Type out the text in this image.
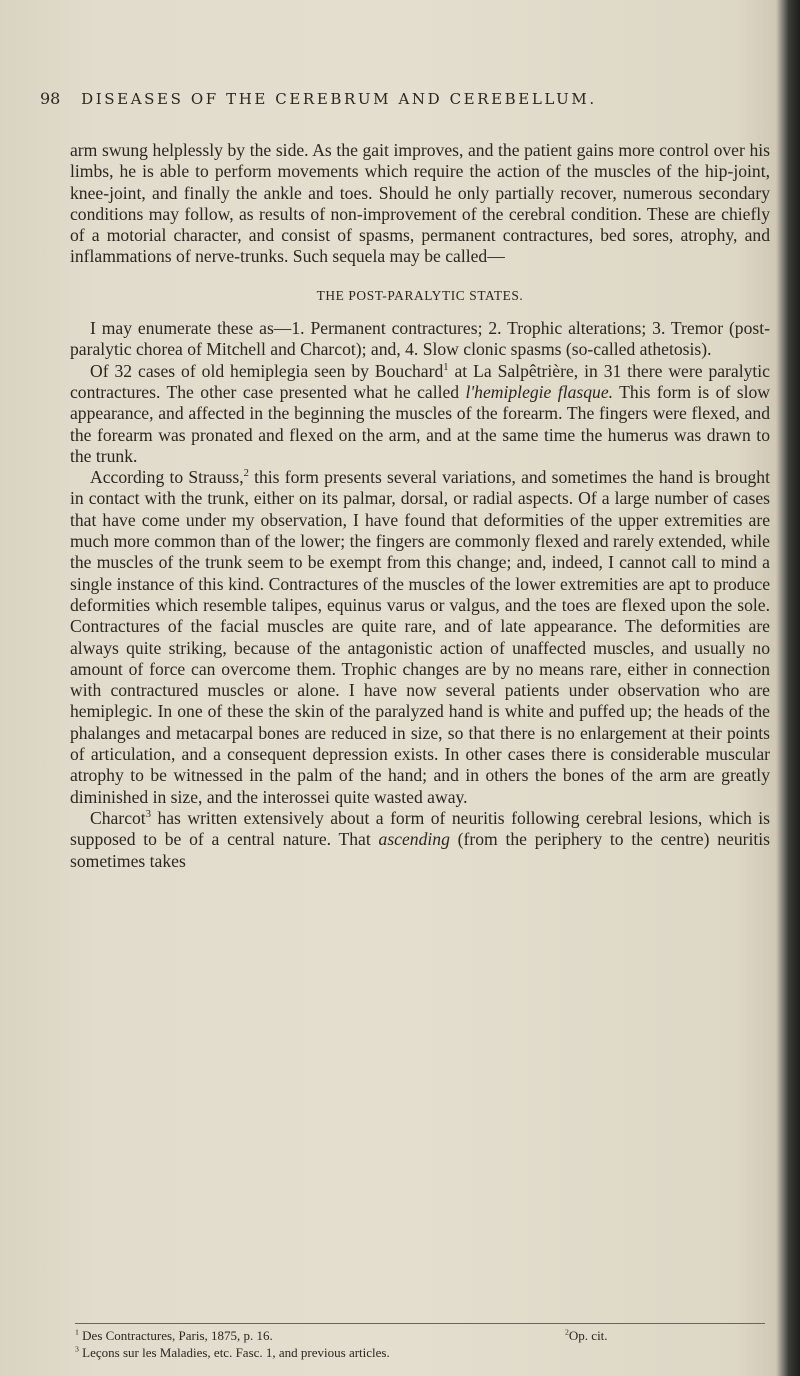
98 DISEASES OF THE CEREBRUM AND CEREBELLUM.

arm swung helplessly by the side. As the gait improves, and the patient gains more control over his limbs, he is able to perform movements which require the action of the muscles of the hip-joint, knee-joint, and finally the ankle and toes. Should he only partially recover, numerous secondary conditions may follow, as results of non-improvement of the cerebral condition. These are chiefly of a motorial character, and consist of spasms, permanent contractures, bed sores, atrophy, and inflammations of nerve-trunks. Such sequela may be called—

THE POST-PARALYTIC STATES.

I may enumerate these as—1. Permanent contractures; 2. Trophic alterations; 3. Tremor (post-paralytic chorea of Mitchell and Charcot); and, 4. Slow clonic spasms (so-called athetosis).

Of 32 cases of old hemiplegia seen by Bouchard$^1$ at La Salpêtrière, in 31 there were paralytic contractures. The other case presented what he called l'hemiplegie flasque. This form is of slow appearance, and affected in the beginning the muscles of the forearm. The fingers were flexed, and the forearm was pronated and flexed on the arm, and at the same time the humerus was drawn to the trunk.

According to Strauss,$^2$ this form presents several variations, and sometimes the hand is brought in contact with the trunk, either on its palmar, dorsal, or radial aspects. Of a large number of cases that have come under my observation, I have found that deformities of the upper extremities are much more common than of the lower; the fingers are commonly flexed and rarely extended, while the muscles of the trunk seem to be exempt from this change; and, indeed, I cannot call to mind a single instance of this kind. Contractures of the muscles of the lower extremities are apt to produce deformities which resemble talipes, equinus varus or valgus, and the toes are flexed upon the sole. Contractures of the facial muscles are quite rare, and of late appearance. The deformities are always quite striking, because of the antagonistic action of unaffected muscles, and usually no amount of force can overcome them. Trophic changes are by no means rare, either in connection with contractured muscles or alone. I have now several patients under observation who are hemiplegic. In one of these the skin of the paralyzed hand is white and puffed up; the heads of the phalanges and metacarpal bones are reduced in size, so that there is no enlargement at their points of articulation, and a consequent depression exists. In other cases there is considerable muscular atrophy to be witnessed in the palm of the hand; and in others the bones of the arm are greatly diminished in size, and the interossei quite wasted away.

Charcot$^3$ has written extensively about a form of neuritis following cerebral lesions, which is supposed to be of a central nature. That ascending (from the periphery to the centre) neuritis sometimes takes

$^1$ Des Contractures, Paris, 1875, p. 16.	$^2$Op. cit.
$^3$ Leçons sur les Maladies, etc. Fasc. 1, and previous articles.
